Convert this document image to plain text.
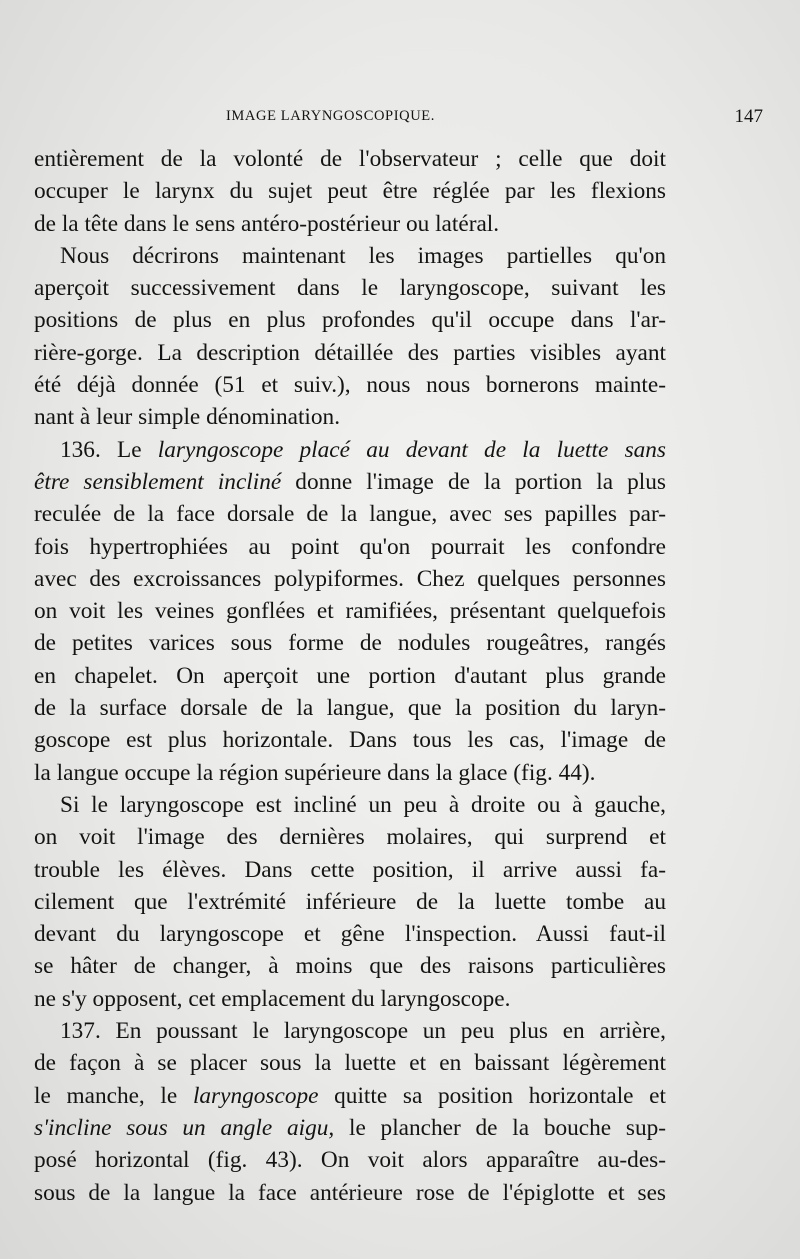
IMAGE LARYNGOSCOPIQUE.	147
entièrement de la volonté de l'observateur ; celle que doit
occuper le larynx du sujet peut être réglée par les flexions
de la tête dans le sens antéro-postérieur ou latéral.
Nous décrirons maintenant les images partielles qu'on
aperçoit successivement dans le laryngoscope, suivant les
positions de plus en plus profondes qu'il occupe dans l'ar-
rière-gorge. La description détaillée des parties visibles ayant
été déjà donnée (51 et suiv.), nous nous bornerons mainte-
nant à leur simple dénomination.
136. Le laryngoscope placé au devant de la luette sans
être sensiblement incliné donne l'image de la portion la plus
reculée de la face dorsale de la langue, avec ses papilles par-
fois hypertrophiées au point qu'on pourrait les confondre
avec des excroissances polypiformes. Chez quelques personnes
on voit les veines gonflées et ramifiées, présentant quelquefois
de petites varices sous forme de nodules rougeâtres, rangés
en chapelet. On aperçoit une portion d'autant plus grande
de la surface dorsale de la langue, que la position du laryn-
goscope est plus horizontale. Dans tous les cas, l'image de
la langue occupe la région supérieure dans la glace (fig. 44).
Si le laryngoscope est incliné un peu à droite ou à gauche,
on voit l'image des dernières molaires, qui surprend et
trouble les élèves. Dans cette position, il arrive aussi fa-
cilement que l'extrémité inférieure de la luette tombe au
devant du laryngoscope et gêne l'inspection. Aussi faut-il
se hâter de changer, à moins que des raisons particulières
ne s'y opposent, cet emplacement du laryngoscope.
137. En poussant le laryngoscope un peu plus en arrière,
de façon à se placer sous la luette et en baissant légèrement
le manche, le laryngoscope quitte sa position horizontale et
s'incline sous un angle aigu, le plancher de la bouche sup-
posé horizontal (fig. 43). On voit alors apparaître au-des-
sous de la langue la face antérieure rose de l'épiglotte et ses
